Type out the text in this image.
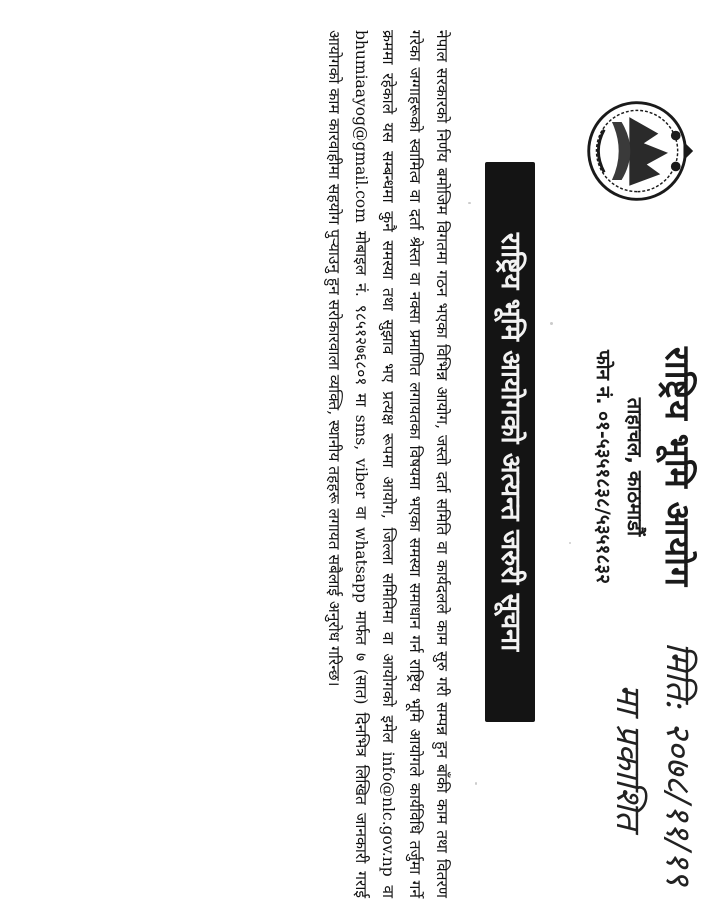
राष्ट्रिय भूमि आयोग
ताहाचल, काठमाडौं
फोन नं. ०१-५३५१८३८/५३५१८३२
मिति: २०७८/११/१९
मा प्रकाशित
राष्ट्रिय भूमि आयोगको अत्यन्त जरुरी सूचना
नेपाल सरकारको निर्णय बमोजिम विगतमा गठन भएका विभिन्न आयोग, जस्तो दर्ता समिति वा कार्यदलले काम सुरु गरी सम्पन्न हुन बाँकी काम तथा वितरण गरेका जग्गाहरूको स्वामित्व वा दर्ता श्रेस्ता वा नक्सा प्रमाणित लगायतका विषयमा भएका समस्या समाधान गर्न राष्ट्रिय भूमि आयोगले कार्यविधि तर्जुमा गर्ने क्रममा रहेकाले यस सम्बन्धमा कुनै समस्या तथा सुझाव भए प्रत्यक्ष रूपमा आयोग, जिल्ला समितिमा वा आयोगको इमेल info@nlc.gov.np वा bhumiaayog@gmail.com मोबाइल नं. ९८५१२७६८०१ मा sms, viber वा whatsapp मार्फत ७ (सात) दिनभित्र लिखित जानकारी गराई आयोगको काम कारवाहीमा सहयोग पुऱ्याउनु हुन सरोकारवाला व्यक्ति, स्थानीय तहहरू लगायत सबैलाई अनुरोध गरिन्छ।
